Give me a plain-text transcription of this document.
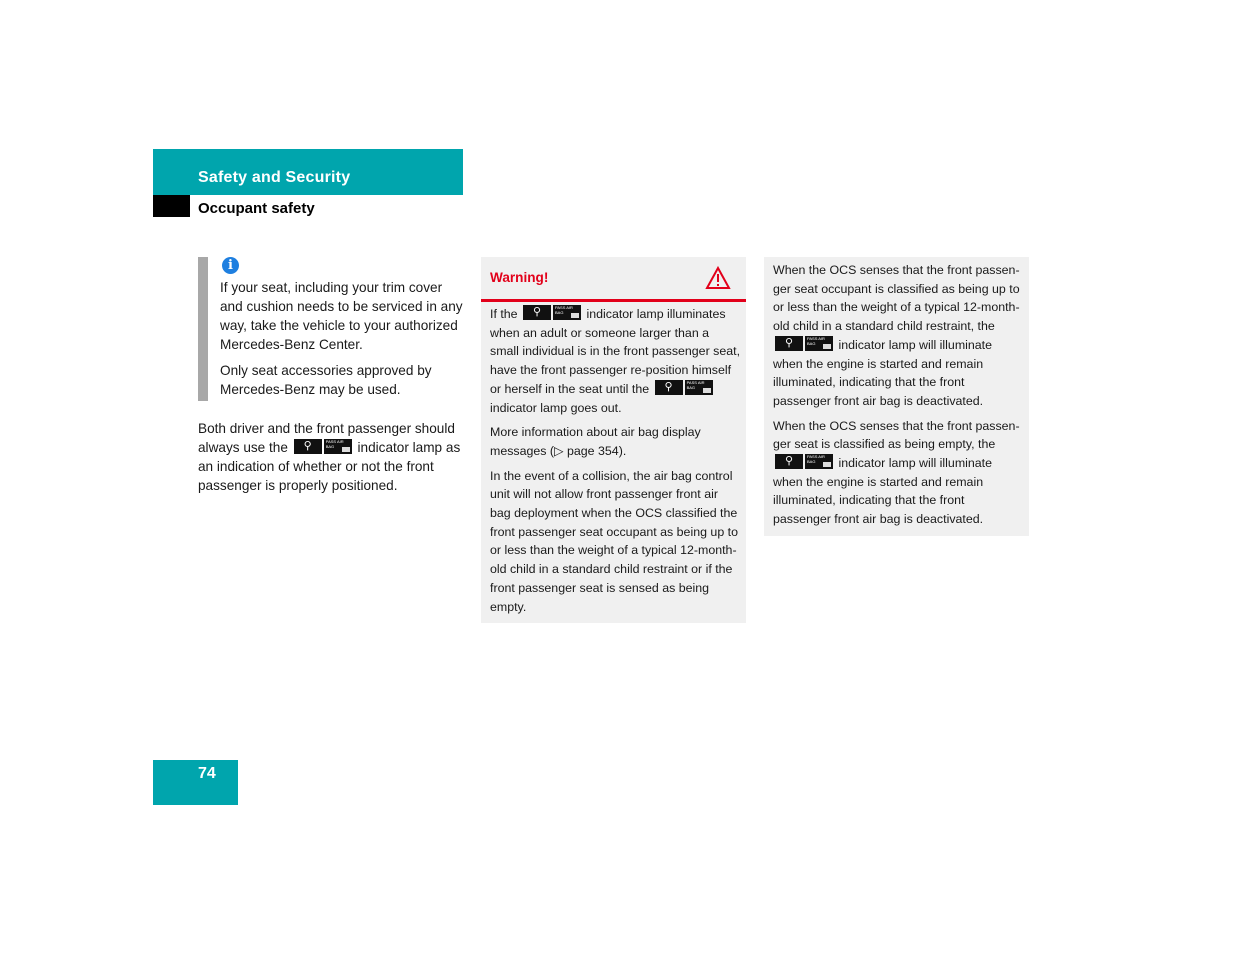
Safety and Security
Occupant safety
i

If your seat, including your trim cover and cushion needs to be serviced in any way, take the vehicle to your authorized Mercedes-Benz Center.

Only seat accessories approved by Mercedes-Benz may be used.

Both driver and the front passenger should always use the	⚲	PASS AIR BAG	indicator lamp as an indication of whether or not the front passenger is properly positioned.

Warning!

If the	⚲	PASS AIR BAG	indicator lamp illuminates when an adult or someone larger than a small individual is in the front passenger seat, have the front passenger re-position himself or herself in the seat until the	⚲	PASS AIR BAG
indicator lamp goes out.

More information about air bag display messages (▷ page 354).

In the event of a collision, the air bag control unit will not allow front passenger front air bag deployment when the OCS classified the front passenger seat occupant as being up to or less than the weight of a typical 12-month-old child in a standard child restraint or if the front passenger seat is sensed as being empty.

When the OCS senses that the front passen-ger seat occupant is classified as being up to or less than the weight of a typical 12-month-old child in a standard child restraint, the
⚲	PASS AIR BAG	indicator lamp will illuminate when the engine is started and remain illuminated, indicating that the front passenger front air bag is deactivated.

When the OCS senses that the front passen-ger seat is classified as being empty, the
⚲	PASS AIR BAG	indicator lamp will illuminate when the engine is started and remain illuminated, indicating that the front passenger front air bag is deactivated.

74
